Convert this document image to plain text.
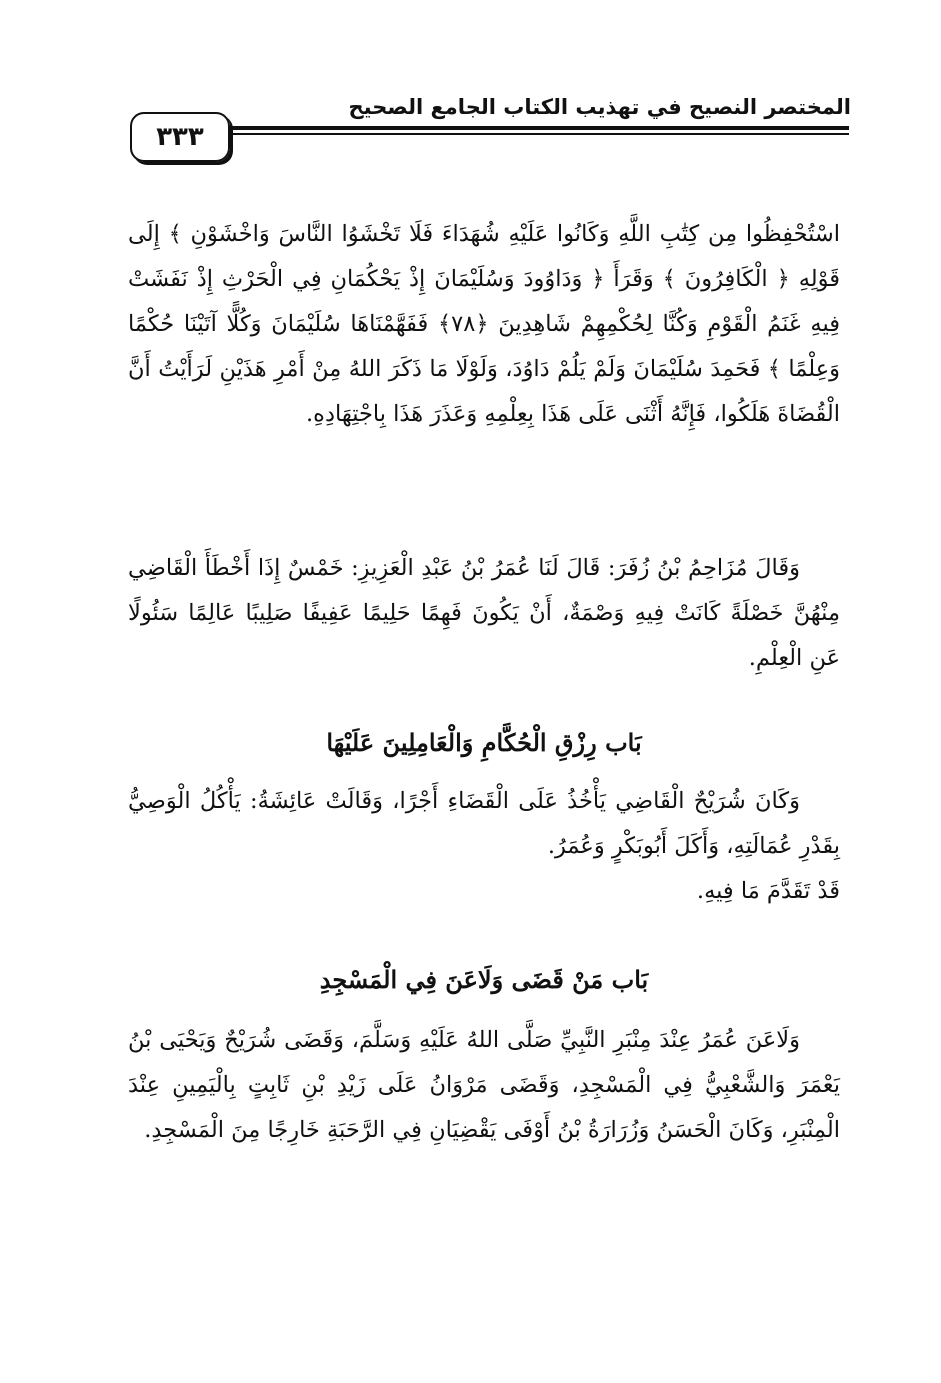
المختصر النصيح في تهذيب الكتاب الجامع الصحيح
٣٣٣

اسْتُحْفِظُوا مِن كِتَٰبِ اللَّهِ وَكَانُوا عَلَيْهِ شُهَدَاءَ فَلَا تَخْشَوُا النَّاسَ وَاخْشَوْنِ ﴾ إِلَى قَوْلِهِ ﴿ الْكَافِرُونَ ﴾ وَقَرَأَ ﴿ وَدَاوُودَ وَسُلَيْمَانَ إِذْ يَحْكُمَانِ فِي الْحَرْثِ إِذْ نَفَشَتْ فِيهِ غَنَمُ الْقَوْمِ وَكُنَّا لِحُكْمِهِمْ شَاهِدِينَ ﴿٧٨﴾ فَفَهَّمْنَاهَا سُلَيْمَانَ وَكُلًّا آتَيْنَا حُكْمًا وَعِلْمًا ﴾ فَحَمِدَ سُلَيْمَانَ وَلَمْ يَلُمْ دَاوُدَ، وَلَوْلَا مَا ذَكَرَ اللهُ مِنْ أَمْرِ هَذَيْنِ لَرَأَيْتُ أَنَّ الْقُضَاةَ هَلَكُوا، فَإِنَّهُ أَثْنَى عَلَى هَذَا بِعِلْمِهِ وَعَذَرَ هَذَا بِاجْتِهَادِهِ.

وَقَالَ مُزَاحِمُ بْنُ زُفَرَ: قَالَ لَنَا عُمَرُ بْنُ عَبْدِ الْعَزِيزِ: خَمْسٌ إِذَا أَخْطَأَ الْقَاضِي مِنْهُنَّ خَصْلَةً كَانَتْ فِيهِ وَصْمَةٌ، أَنْ يَكُونَ فَهِمًا حَلِيمًا عَفِيفًا صَلِيبًا عَالِمًا سَئُولًا عَنِ الْعِلْمِ.

بَاب رِزْقِ الْحُكَّامِ وَالْعَامِلِينَ عَلَيْهَا

وَكَانَ شُرَيْحٌ الْقَاضِي يَأْخُذُ عَلَى الْقَضَاءِ أَجْرًا، وَقَالَتْ عَائِشَةُ: يَأْكُلُ الْوَصِيُّ بِقَدْرِ عُمَالَتِهِ، وَأَكَلَ أَبُوبَكْرٍ وَعُمَرُ.
قَدْ تَقَدَّمَ مَا فِيهِ.

بَاب مَنْ قَضَى وَلَاعَنَ فِي الْمَسْجِدِ

وَلَاعَنَ عُمَرُ عِنْدَ مِنْبَرِ النَّبِيِّ صَلَّى اللهُ عَلَيْهِ وَسَلَّمَ، وَقَضَى شُرَيْحٌ وَيَحْيَى بْنُ يَعْمَرَ وَالشَّعْبِيُّ فِي الْمَسْجِدِ، وَقَضَى مَرْوَانُ عَلَى زَيْدِ بْنِ ثَابِتٍ بِالْيَمِينِ عِنْدَ الْمِنْبَرِ، وَكَانَ الْحَسَنُ وَزُرَارَةُ بْنُ أَوْفَى يَقْضِيَانِ فِي الرَّحَبَةِ خَارِجًا مِنَ الْمَسْجِدِ.
